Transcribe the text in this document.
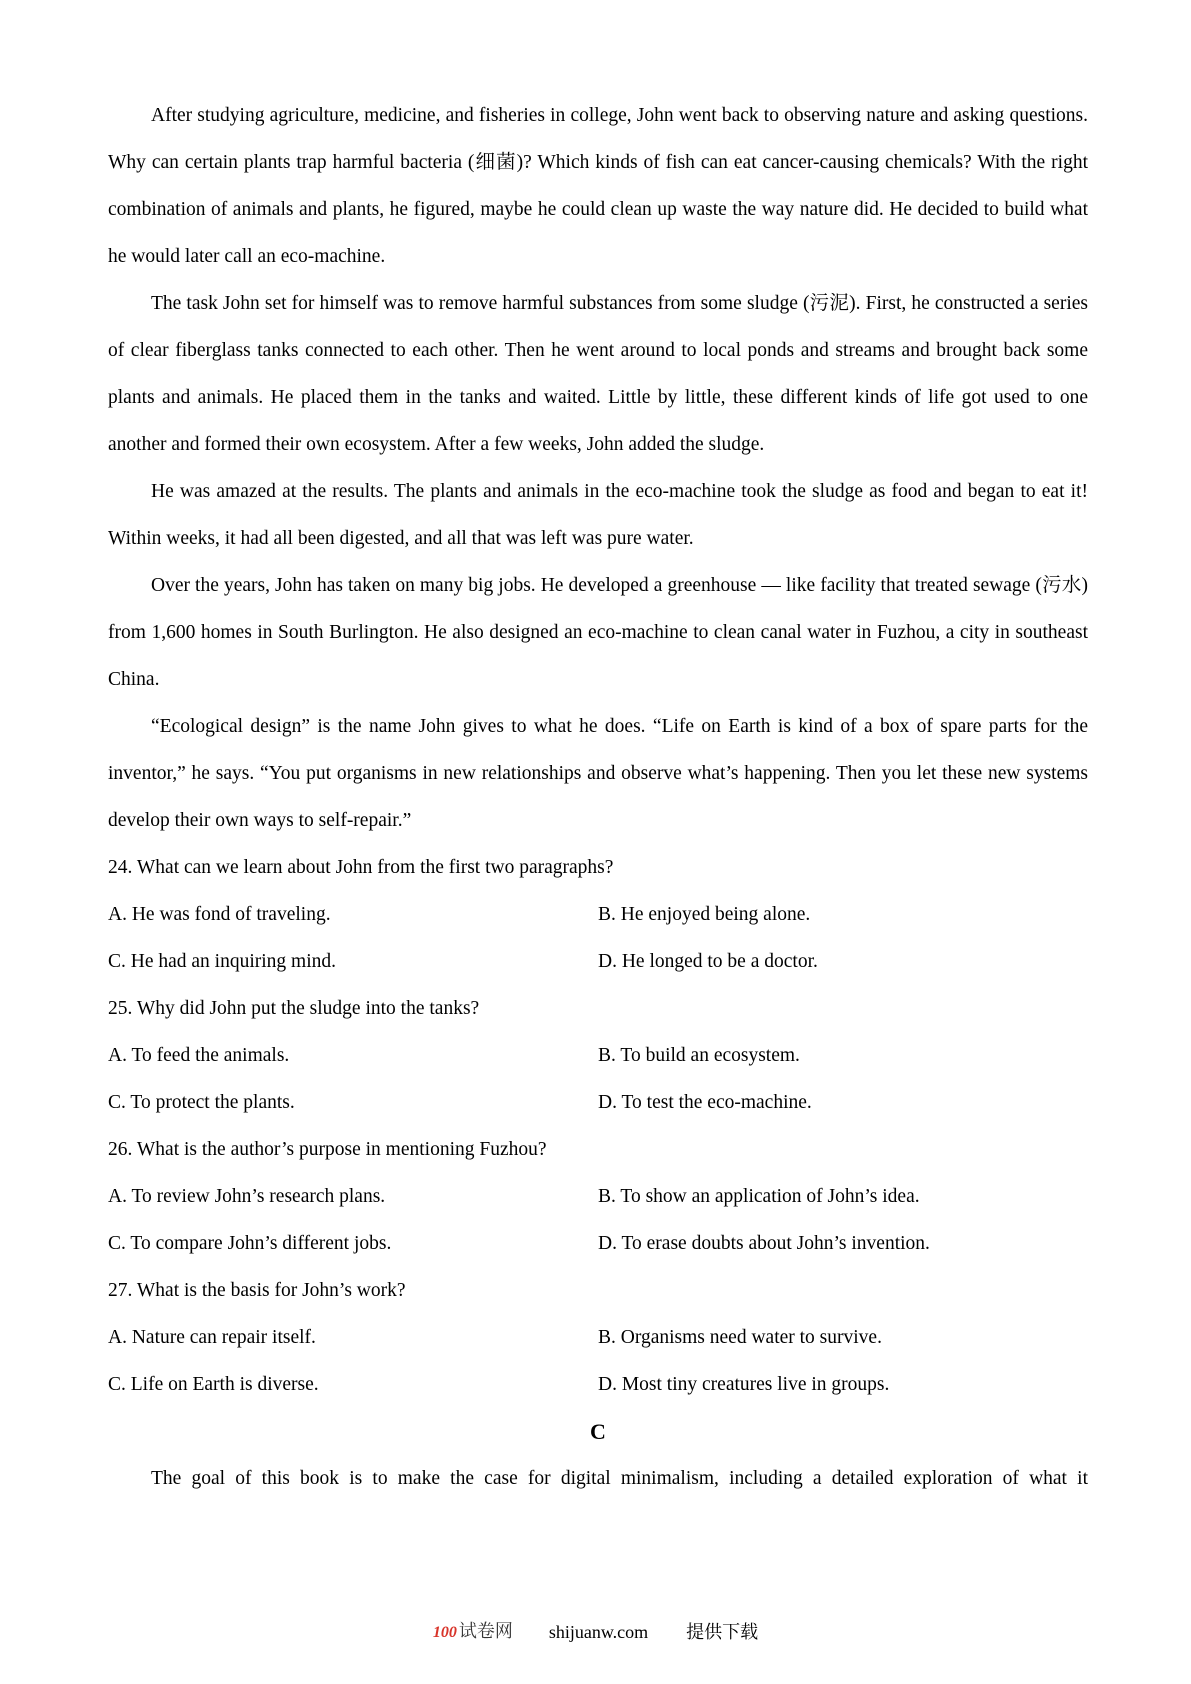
After studying agriculture, medicine, and fisheries in college, John went back to observing nature and asking questions. Why can certain plants trap harmful bacteria (细菌)? Which kinds of fish can eat cancer-causing chemicals? With the right combination of animals and plants, he figured, maybe he could clean up waste the way nature did. He decided to build what he would later call an eco-machine.

The task John set for himself was to remove harmful substances from some sludge (污泥). First, he constructed a series of clear fiberglass tanks connected to each other. Then he went around to local ponds and streams and brought back some plants and animals. He placed them in the tanks and waited. Little by little, these different kinds of life got used to one another and formed their own ecosystem. After a few weeks, John added the sludge.

He was amazed at the results. The plants and animals in the eco-machine took the sludge as food and began to eat it! Within weeks, it had all been digested, and all that was left was pure water.

Over the years, John has taken on many big jobs. He developed a greenhouse — like facility that treated sewage (污水) from 1,600 homes in South Burlington. He also designed an eco-machine to clean canal water in Fuzhou, a city in southeast China.

“Ecological design” is the name John gives to what he does. “Life on Earth is kind of a box of spare parts for the inventor,” he says. “You put organisms in new relationships and observe what’s happening. Then you let these new systems develop their own ways to self-repair.”

24. What can we learn about John from the first two paragraphs?
A. He was fond of traveling.	B. He enjoyed being alone.
C. He had an inquiring mind.	D. He longed to be a doctor.
25. Why did John put the sludge into the tanks?
A. To feed the animals.	B. To build an ecosystem.
C. To protect the plants.	D. To test the eco-machine.
26. What is the author’s purpose in mentioning Fuzhou?
A. To review John’s research plans.	B. To show an application of John’s idea.
C. To compare John’s different jobs.	D. To erase doubts about John’s invention.
27. What is the basis for John’s work?
A. Nature can repair itself.	B. Organisms need water to survive.
C. Life on Earth is diverse.	D. Most tiny creatures live in groups.
C

The goal of this book is to make the case for digital minimalism, including a detailed exploration of what it

100 试卷网 shijuanw.com 提供下载
